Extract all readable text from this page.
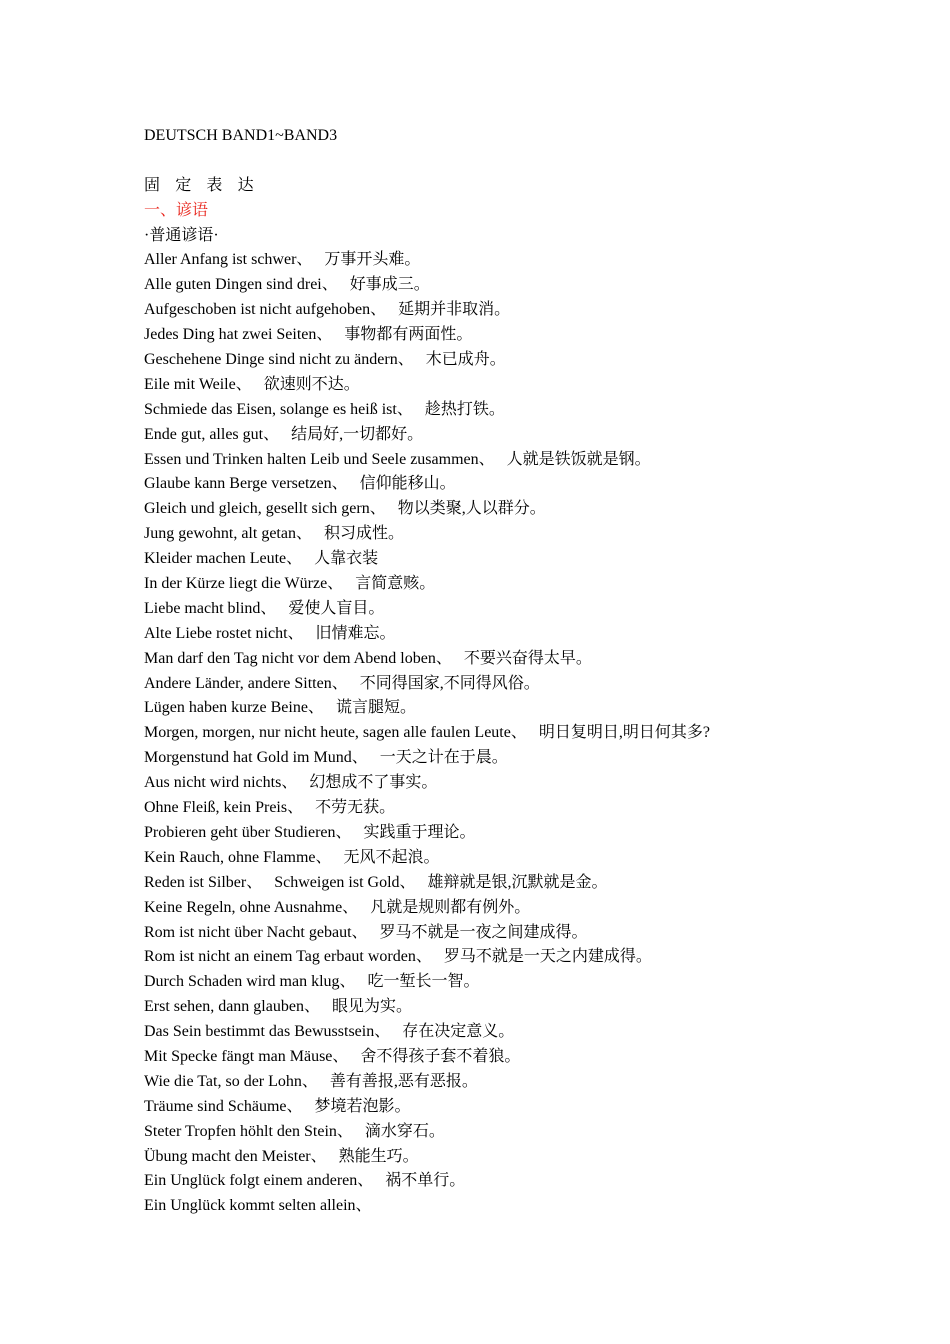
DEUTSCH BAND1~BAND3
固定表达
一、谚语
·普通谚语·
Aller Anfang ist schwer、 万事开头难。
Alle guten Dingen sind drei、 好事成三。
Aufgeschoben ist nicht aufgehoben、 延期并非取消。
Jedes Ding hat zwei Seiten、 事物都有两面性。
Geschehene Dinge sind nicht zu ändern、 木已成舟。
Eile mit Weile、 欲速则不达。
Schmiede das Eisen, solange es heiß ist、 趁热打铁。
Ende gut, alles gut、 结局好,一切都好。
Essen und Trinken halten Leib und Seele zusammen、 人就是铁饭就是钢。
Glaube kann Berge versetzen、 信仰能移山。
Gleich und gleich, gesellt sich gern、 物以类聚,人以群分。
Jung gewohnt, alt getan、 积习成性。
Kleider machen Leute、 人靠衣装
In der Kürze liegt die Würze、 言简意赅。
Liebe macht blind、 爱使人盲目。
Alte Liebe rostet nicht、 旧情难忘。
Man darf den Tag nicht vor dem Abend loben、 不要兴奋得太早。
Andere Länder, andere Sitten、 不同得国家,不同得风俗。
Lügen haben kurze Beine、 谎言腿短。
Morgen, morgen, nur nicht heute, sagen alle faulen Leute、 明日复明日,明日何其多?
Morgenstund hat Gold im Mund、 一天之计在于晨。
Aus nicht wird nichts、 幻想成不了事实。
Ohne Fleiß, kein Preis、 不劳无获。
Probieren geht über Studieren、 实践重于理论。
Kein Rauch, ohne Flamme、 无风不起浪。
Reden ist Silber、 Schweigen ist Gold、 雄辩就是银,沉默就是金。
Keine Regeln, ohne Ausnahme、 凡就是规则都有例外。
Rom ist nicht über Nacht gebaut、 罗马不就是一夜之间建成得。
Rom ist nicht an einem Tag erbaut worden、 罗马不就是一天之内建成得。
Durch Schaden wird man klug、 吃一堑长一智。
Erst sehen, dann glauben、 眼见为实。
Das Sein bestimmt das Bewusstsein、 存在决定意义。
Mit Specke fängt man Mäuse、 舍不得孩子套不着狼。
Wie die Tat, so der Lohn、 善有善报,恶有恶报。
Träume sind Schäume、 梦境若泡影。
Steter Tropfen höhlt den Stein、 滴水穿石。
Übung macht den Meister、 熟能生巧。
Ein Unglück folgt einem anderen、 祸不单行。
Ein Unglück kommt selten allein、
